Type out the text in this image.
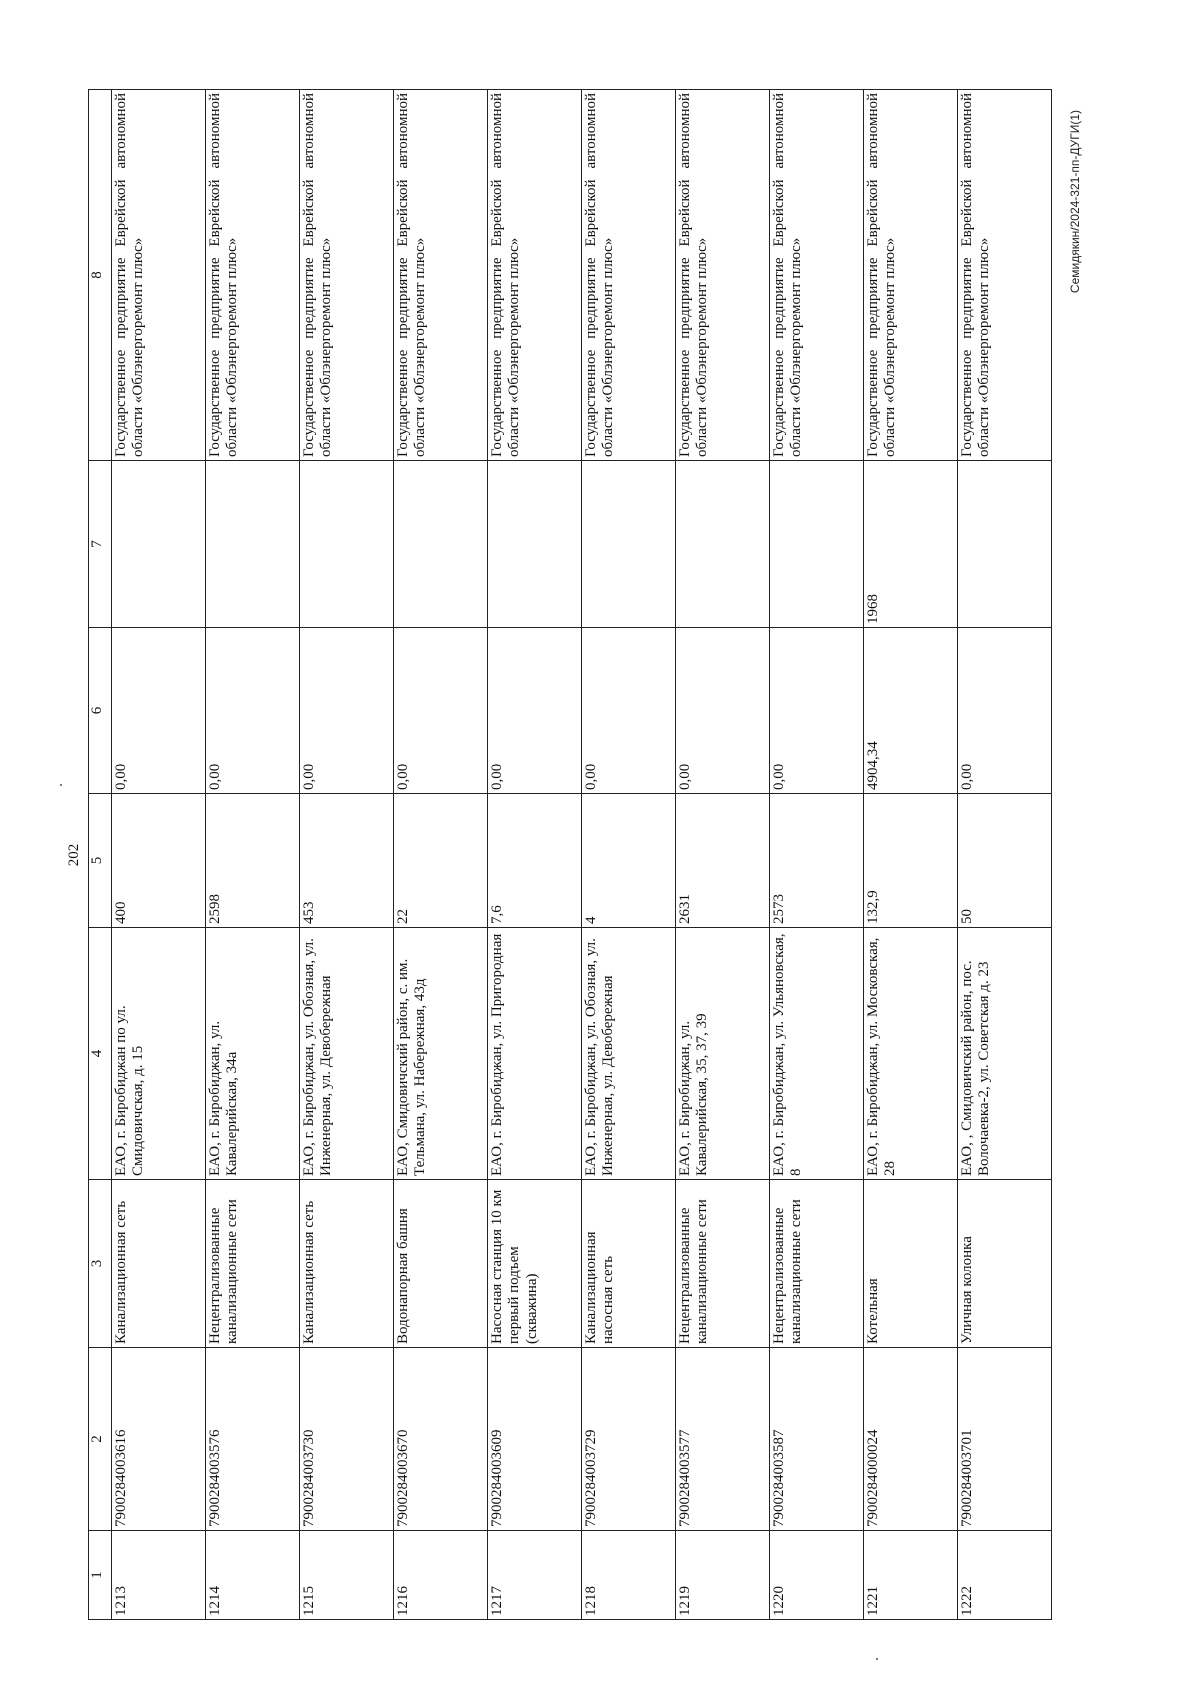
202
1	2	3	4	5	6	7	8
1213	7900284003616	Канализационная сеть	ЕАО, г. Биробиджан по ул. Смидовичская, д. 15	400	0,00		Государственное предприятие Еврейской автономной области «Облэнергоремонт плюс»
1214	7900284003576	Нецентрализованные канализационные сети	ЕАО, г. Биробиджан, ул. Кавалерийская, 34а	2598	0,00		Государственное предприятие Еврейской автономной области «Облэнергоремонт плюс»
1215	7900284003730	Канализационная сеть	ЕАО, г. Биробиджан, ул. Обозная, ул. Инженерная, ул. Девобережная	453	0,00		Государственное предприятие Еврейской автономной области «Облэнергоремонт плюс»
1216	7900284003670	Водонапорная башня	ЕАО, Смидовичский район, с. им. Тельмана, ул. Набережная, 43д	22	0,00		Государственное предприятие Еврейской автономной области «Облэнергоремонт плюс»
1217	7900284003609	Насосная станция 10 км первый подъем (скважина)	ЕАО, г. Биробиджан, ул. Пригородная	7,6	0,00		Государственное предприятие Еврейской автономной области «Облэнергоремонт плюс»
1218	7900284003729	Канализационная насосная сеть	ЕАО, г. Биробиджан, ул. Обозная, ул. Инженерная, ул. Девобережная	4	0,00		Государственное предприятие Еврейской автономной области «Облэнергоремонт плюс»
1219	7900284003577	Нецентрализованные канализационные сети	ЕАО, г. Биробиджан, ул. Кавалерийская, 35, 37, 39	2631	0,00		Государственное предприятие Еврейской автономной области «Облэнергоремонт плюс»
1220	7900284003587	Нецентрализованные канализационные сети	ЕАО, г. Биробиджан, ул. Ульяновская, 8	2573	0,00		Государственное предприятие Еврейской автономной области «Облэнергоремонт плюс»
1221	7900284000024	Котельная	ЕАО, г. Биробиджан, ул. Московская, 28	132,9	4904,34	1968	Государственное предприятие Еврейской автономной области «Облэнергоремонт плюс»
1222	7900284003701	Уличная колонка	ЕАО, , Смидовичский район, пос. Волочаевка-2, ул. Советская д. 23	50	0,00		Государственное предприятие Еврейской автономной области «Облэнергоремонт плюс»
Семидякин/2024-321-пп-ДУГИ(1)
